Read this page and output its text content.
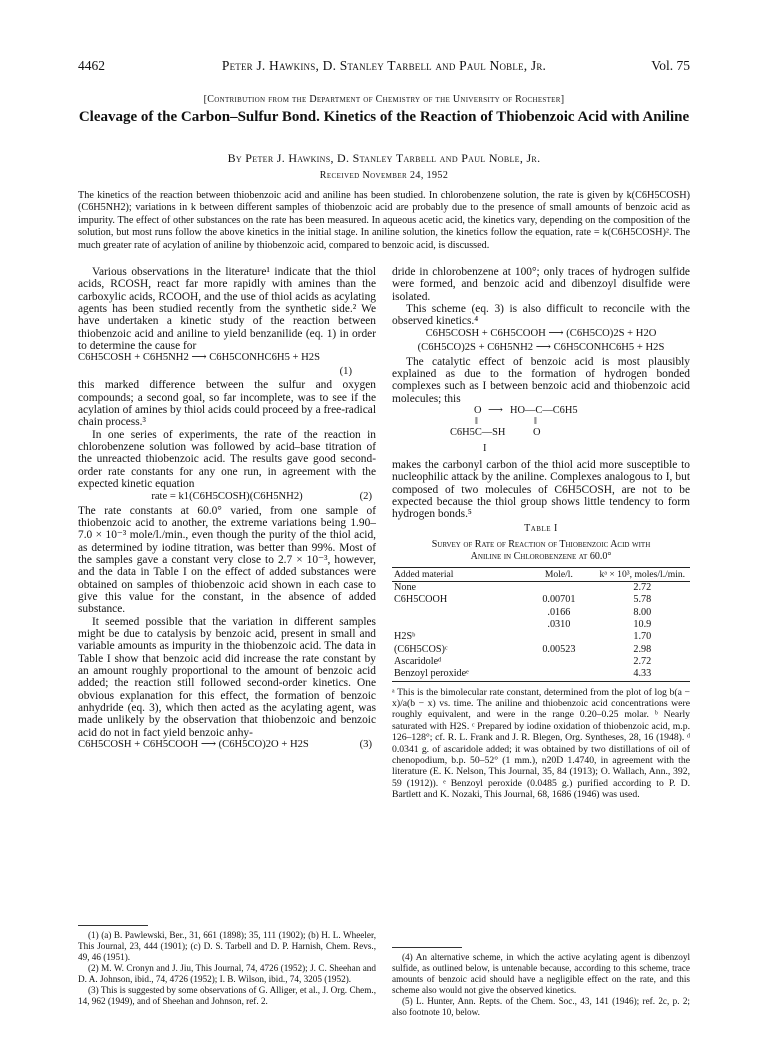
4462	Peter J. Hawkins, D. Stanley Tarbell and Paul Noble, Jr.	Vol. 75
[Contribution from the Department of Chemistry of the University of Rochester]
Cleavage of the Carbon–Sulfur Bond. Kinetics of the Reaction of Thiobenzoic Acid with Aniline
By Peter J. Hawkins, D. Stanley Tarbell and Paul Noble, Jr.
Received November 24, 1952
The kinetics of the reaction between thiobenzoic acid and aniline has been studied. In chlorobenzene solution, the rate is given by k(C6H5COSH)(C6H5NH2); variations in k between different samples of thiobenzoic acid are probably due to the presence of small amounts of benzoic acid as impurity. The effect of other substances on the rate has been measured. In aqueous acetic acid, the kinetics vary, depending on the composition of the solution, but most runs follow the above kinetics in the initial stage. In aniline solution, the kinetics follow the equation, rate = k(C6H5COSH)². The much greater rate of acylation of aniline by thiobenzoic acid, compared to benzoic acid, is discussed.

Various observations in the literature¹ indicate that the thiol acids, RCOSH, react far more rapidly with amines than the carboxylic acids, RCOOH, and the use of thiol acids as acylating agents has been studied recently from the synthetic side.² We have undertaken a kinetic study of the reaction between thiobenzoic acid and aniline to yield benzanilide (eq. 1) in order to determine the cause for

C6H5COSH + C6H5NH2 ⟶ C6H5CONHC6H5 + H2S
(1)

this marked difference between the sulfur and oxygen compounds; a second goal, so far incomplete, was to see if the acylation of amines by thiol acids could proceed by a free-radical chain process.³

In one series of experiments, the rate of the reaction in chlorobenzene solution was followed by acid–base titration of the unreacted thiobenzoic acid. The results gave good second-order rate constants for any one run, in agreement with the expected kinetic equation

rate = k1(C6H5COSH)(C6H5NH2)	(2)

The rate constants at 60.0° varied, from one sample of thiobenzoic acid to another, the extreme variations being 1.90–7.0 × 10⁻³ mole/l./min., even though the purity of the thiol acid, as determined by iodine titration, was better than 99%. Most of the samples gave a constant very close to 2.7 × 10⁻³, however, and the data in Table I on the effect of added substances were obtained on samples of thiobenzoic acid shown in each case to give this value for the constant, in the absence of added substance.

It seemed possible that the variation in different samples might be due to catalysis by benzoic acid, present in small and variable amounts as impurity in the thiobenzoic acid. The data in Table I show that benzoic acid did increase the rate constant by an amount roughly proportional to the amount of benzoic acid added; the reaction still followed second-order kinetics. One obvious explanation for this effect, the formation of benzoic anhydride (eq. 3), which then acted as the acylating agent, was made unlikely by the observation that thiobenzoic and benzoic acid do not in fact yield benzoic anhy-

C6H5COSH + C6H5COOH ⟶ (C6H5CO)2O + H2S	(3)

dride in chlorobenzene at 100°; only traces of hydrogen sulfide were formed, and benzoic acid and dibenzoyl disulfide were isolated.

This scheme (eq. 3) is also difficult to reconcile with the observed kinetics.⁴

C6H5COSH + C6H5COOH ⟶ (C6H5CO)2S + H2O
(C6H5CO)2S + C6H5NH2 ⟶ C6H5CONHC6H5 + H2S

The catalytic effect of benzoic acid is most plausibly explained as due to the formation of hydrogen bonded complexes such as I between benzoic acid and thiobenzoic acid molecules; this

O ⟶ HO—C—C6H5
‖	‖
C6H5C—SH	O
I

makes the carbonyl carbon of the thiol acid more susceptible to nucleophilic attack by the aniline. Complexes analogous to I, but composed of two molecules of C6H5COSH, are not to be expected because the thiol group shows little tendency to form hydrogen bonds.⁵

Table I
Survey of Rate of Reaction of Thiobenzoic Acid with
Aniline in Chlorobenzene at 60.0°
Added material	Mole/l.	kᵃ × 10³, moles/l./min.
None		2.72
C6H5COOH	0.00701	5.78
	.0166	8.00
	.0310	10.9
H2Sᵇ		1.70
(C6H5COS)ᶜ	0.00523	2.98
Ascaridoleᵈ		2.72
Benzoyl peroxideᵉ		4.33
ᵃ This is the bimolecular rate constant, determined from the plot of log b(a − x)/a(b − x) vs. time. The aniline and thiobenzoic acid concentrations were roughly equivalent, and were in the range 0.20–0.25 molar. ᵇ Nearly saturated with H2S. ᶜ Prepared by iodine oxidation of thiobenzoic acid, m.p. 126–128°; cf. R. L. Frank and J. R. Blegen, Org. Syntheses, 28, 16 (1948). ᵈ 0.0341 g. of ascaridole added; it was obtained by two distillations of oil of chenopodium, b.p. 50–52° (1 mm.), n20D 1.4740, in agreement with the literature (E. K. Nelson, This Journal, 35, 84 (1913); O. Wallach, Ann., 392, 59 (1912)). ᵉ Benzoyl peroxide (0.0485 g.) purified according to P. D. Bartlett and K. Nozaki, This Journal, 68, 1686 (1946) was used.

(1) (a) B. Pawlewski, Ber., 31, 661 (1898); 35, 111 (1902); (b) H. L. Wheeler, This Journal, 23, 444 (1901); (c) D. S. Tarbell and D. P. Harnish, Chem. Revs., 49, 46 (1951).

(2) M. W. Cronyn and J. Jiu, This Journal, 74, 4726 (1952); J. C. Sheehan and D. A. Johnson, ibid., 74, 4726 (1952); I. B. Wilson, ibid., 74, 3205 (1952).

(3) This is suggested by some observations of G. Alliger, et al., J. Org. Chem., 14, 962 (1949), and of Sheehan and Johnson, ref. 2.

(4) An alternative scheme, in which the active acylating agent is dibenzoyl sulfide, as outlined below, is untenable because, according to this scheme, trace amounts of benzoic acid should have a negligible effect on the rate, and this scheme also would not give the observed kinetics.

(5) L. Hunter, Ann. Repts. of the Chem. Soc., 43, 141 (1946); ref. 2c, p. 2; also footnote 10, below.
